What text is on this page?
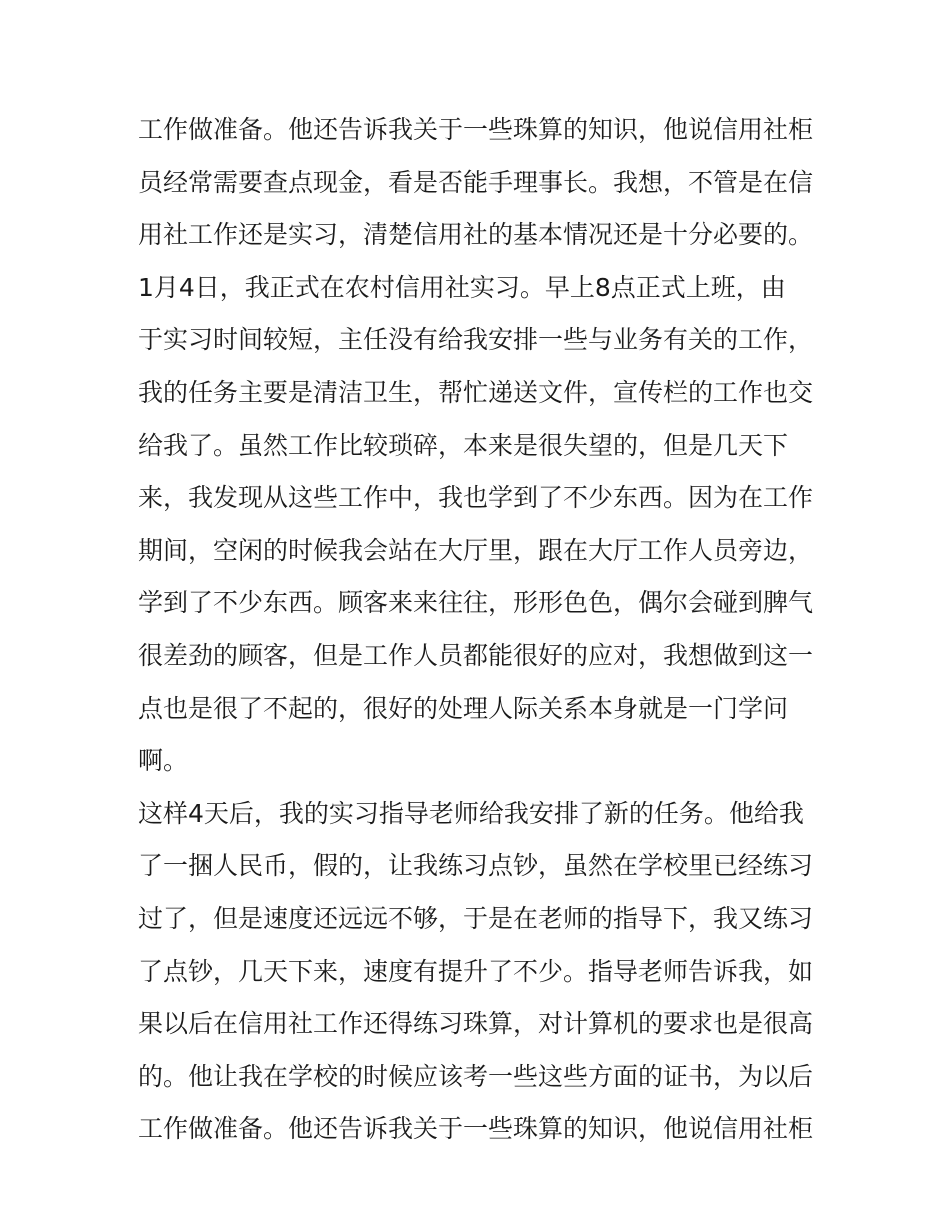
工作做准备。他还告诉我关于一些珠算的知识，他说信用社柜
员经常需要查点现金，看是否能手理事长。我想，不管是在信
用社工作还是实习，清楚信用社的基本情况还是十分必要的。
1月4日，我正式在农村信用社实习。早上8点正式上班，由
于实习时间较短，主任没有给我安排一些与业务有关的工作，
我的任务主要是清洁卫生，帮忙递送文件，宣传栏的工作也交
给我了。虽然工作比较琐碎，本来是很失望的，但是几天下
来，我发现从这些工作中，我也学到了不少东西。因为在工作
期间，空闲的时候我会站在大厅里，跟在大厅工作人员旁边，
学到了不少东西。顾客来来往往，形形色色，偶尔会碰到脾气
很差劲的顾客，但是工作人员都能很好的应对，我想做到这一
点也是很了不起的，很好的处理人际关系本身就是一门学问
啊。
这样4天后，我的实习指导老师给我安排了新的任务。他给我
了一捆人民币，假的，让我练习点钞，虽然在学校里已经练习
过了，但是速度还远远不够，于是在老师的指导下，我又练习
了点钞，几天下来，速度有提升了不少。指导老师告诉我，如
果以后在信用社工作还得练习珠算，对计算机的要求也是很高
的。他让我在学校的时候应该考一些这些方面的证书，为以后
工作做准备。他还告诉我关于一些珠算的知识，他说信用社柜
